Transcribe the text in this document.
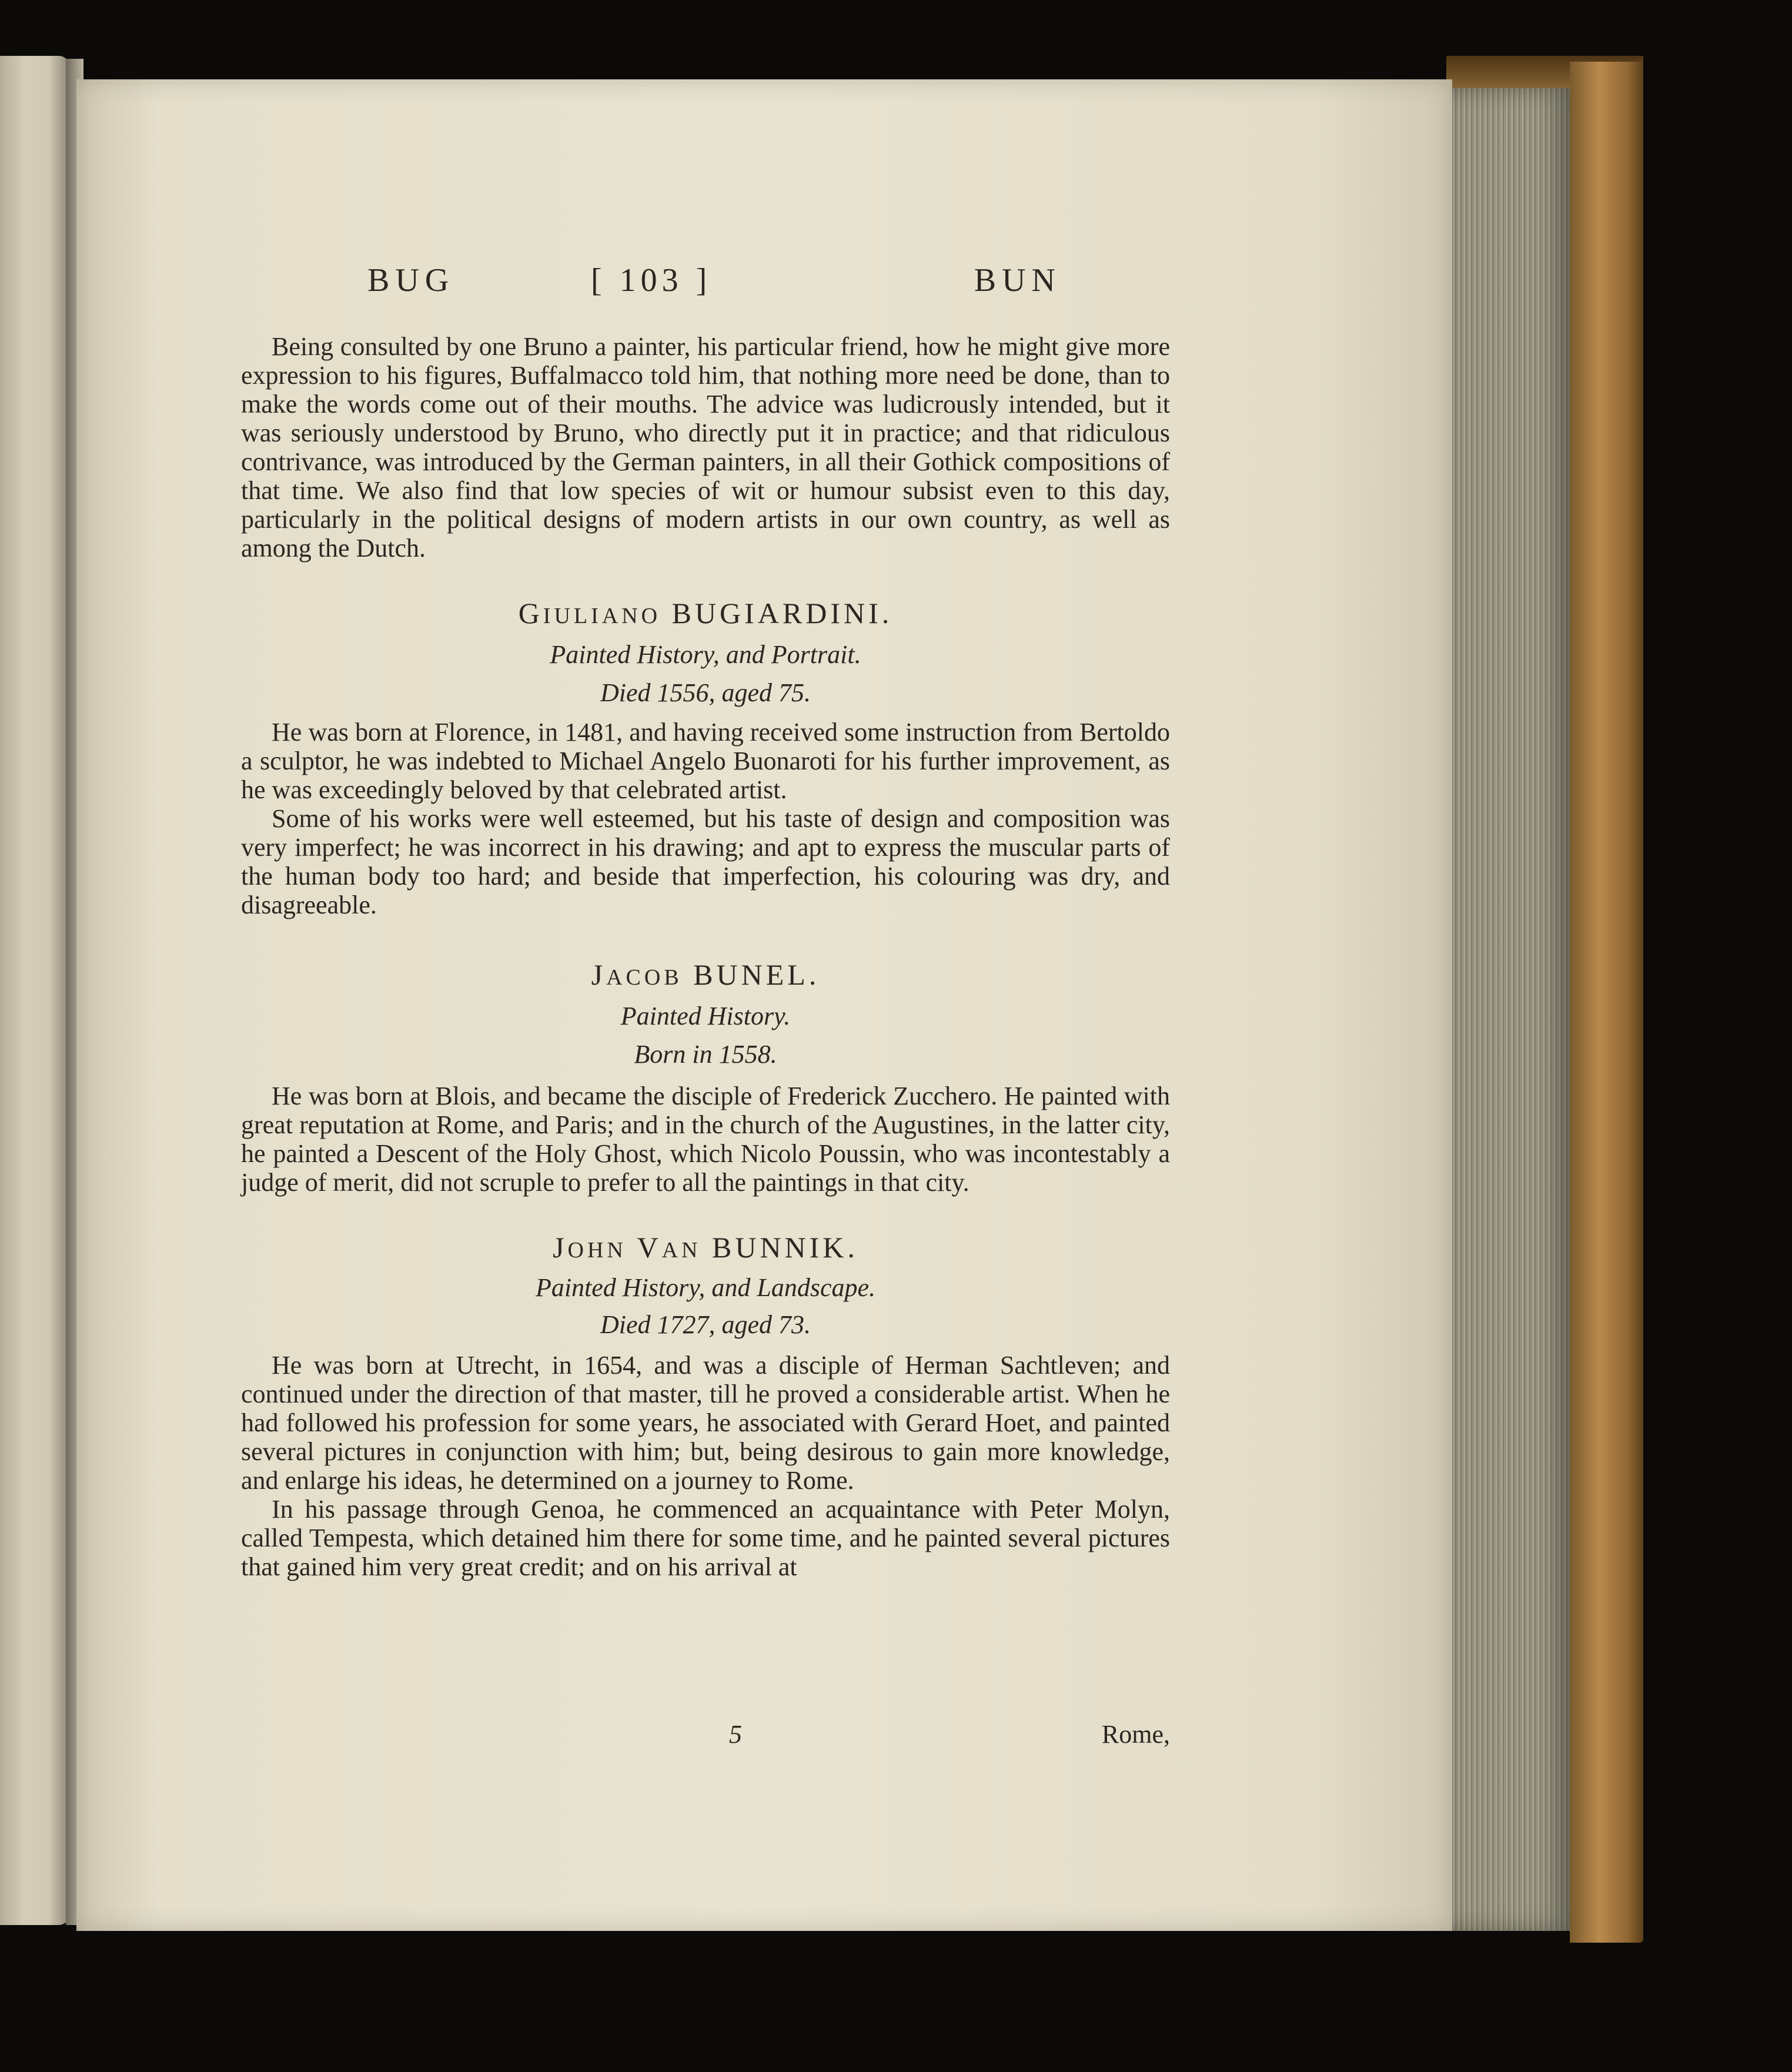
BUG	[ 103 ]	BUN

Being consulted by one Bruno a painter, his particular friend, how he might give more expression to his figures, Buffalmacco told him, that nothing more need be done, than to make the words come out of their mouths. The advice was ludicrously intended, but it was seriously understood by Bruno, who directly put it in practice; and that ridiculous contrivance, was introduced by the German painters, in all their Gothick compositions of that time. We also find that low species of wit or humour subsist even to this day, particularly in the political designs of modern artists in our own country, as well as among the Dutch.

GIULIANO BUGIARDINI.

Painted History, and Portrait.

Died 1556, aged 75.

He was born at Florence, in 1481, and having received some instruction from Bertoldo a sculptor, he was indebted to Michael Angelo Buonaroti for his further improvement, as he was exceedingly beloved by that celebrated artist.

Some of his works were well esteemed, but his taste of design and composition was very imperfect; he was incorrect in his drawing; and apt to express the muscular parts of the human body too hard; and beside that imperfection, his colouring was dry, and disagreeable.

JACOB BUNEL.

Painted History.

Born in 1558.

He was born at Blois, and became the disciple of Frederick Zucchero. He painted with great reputation at Rome, and Paris; and in the church of the Augustines, in the latter city, he painted a Descent of the Holy Ghost, which Nicolo Poussin, who was incontestably a judge of merit, did not scruple to prefer to all the paintings in that city.

JOHN VAN BUNNIK.

Painted History, and Landscape.

Died 1727, aged 73.

He was born at Utrecht, in 1654, and was a disciple of Herman Sachtleven; and continued under the direction of that master, till he proved a considerable artist. When he had followed his profession for some years, he associated with Gerard Hoet, and painted several pictures in conjunction with him; but, being desirous to gain more knowledge, and enlarge his ideas, he determined on a journey to Rome.

In his passage through Genoa, he commenced an acquaintance with Peter Molyn, called Tempesta, which detained him there for some time, and he painted several pictures that gained him very great credit; and on his arrival at

5	Rome,
